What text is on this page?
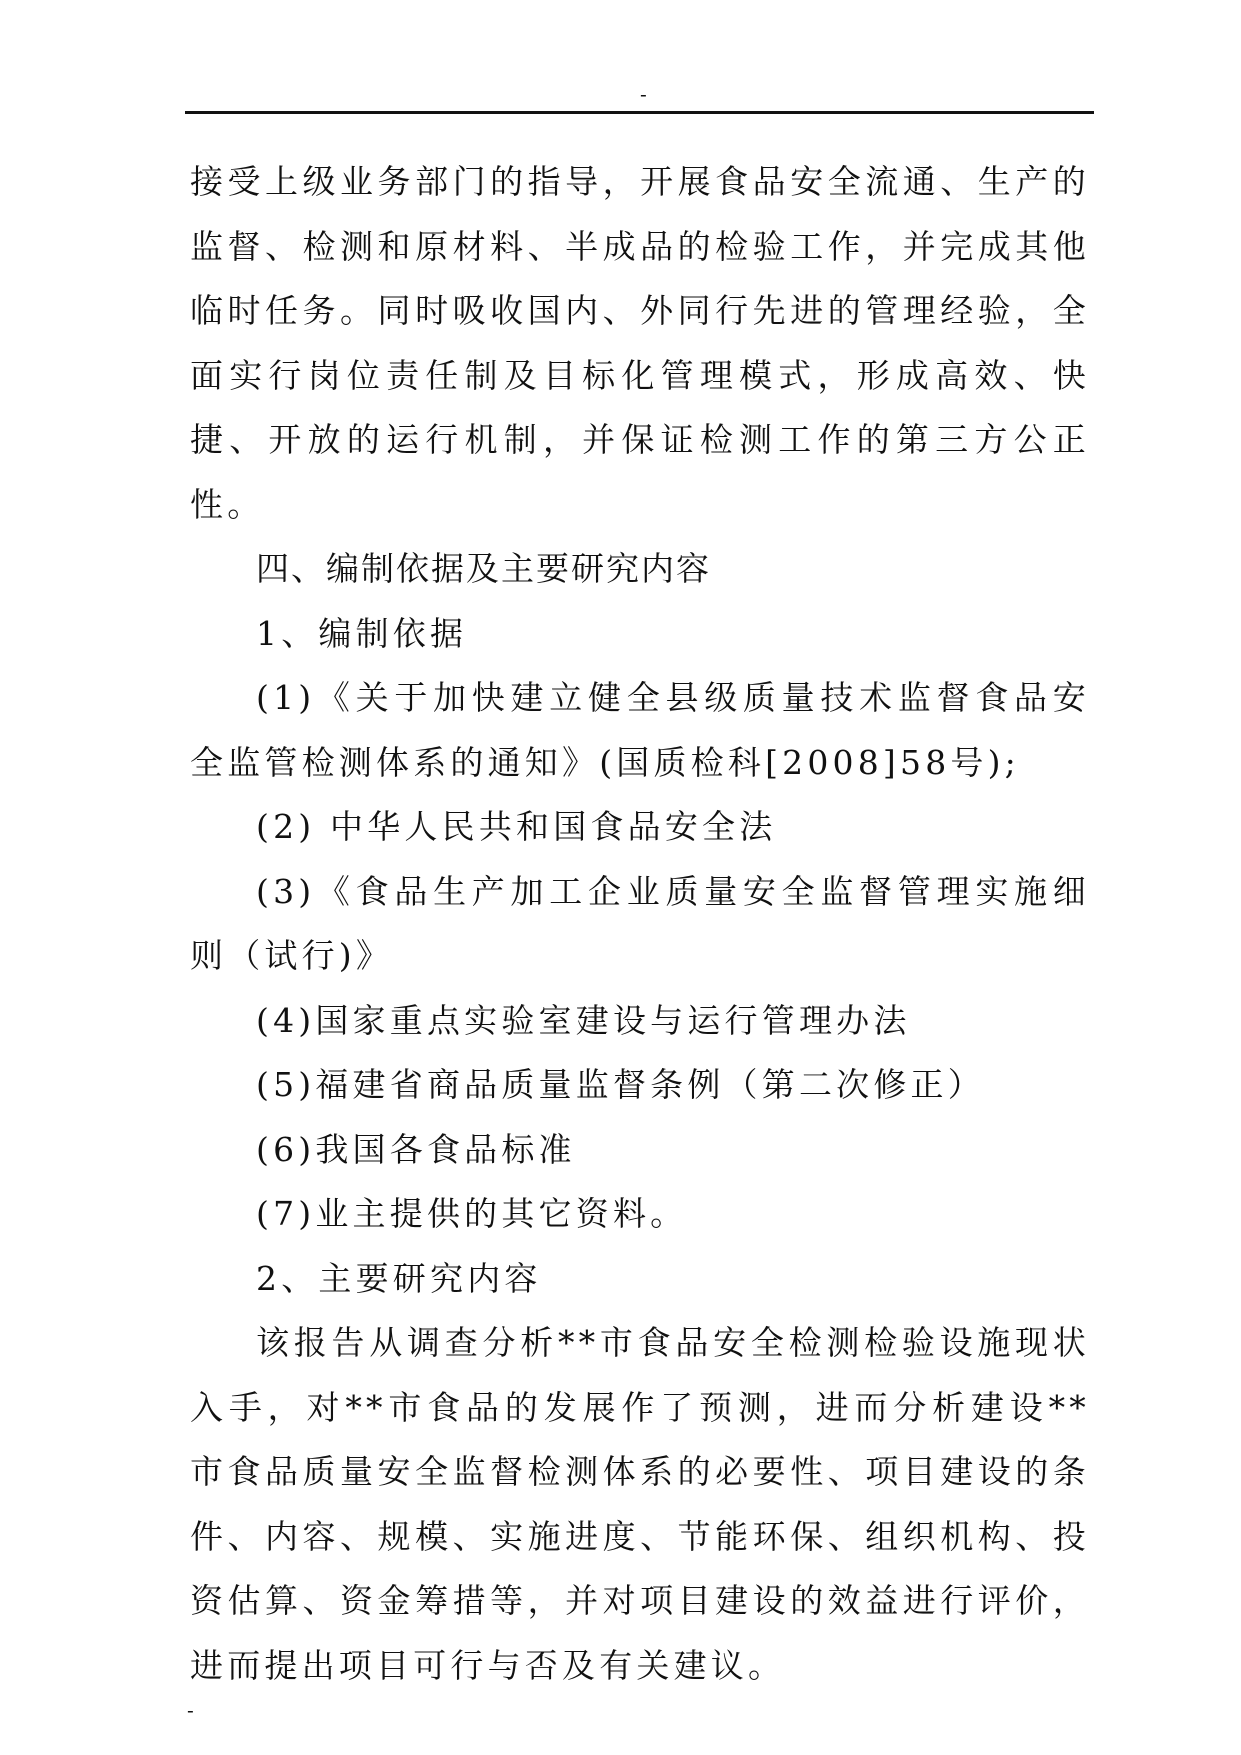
-

接受上级业务部门的指导，开展食品安全流通、生产的监督、检测和原材料、半成品的检验工作，并完成其他临时任务。同时吸收国内、外同行先进的管理经验，全面实行岗位责任制及目标化管理模式，形成高效、快捷、开放的运行机制，并保证检测工作的第三方公正性。

四、编制依据及主要研究内容

1、编制依据

(1)《关于加快建立健全县级质量技术监督食品安全监管检测体系的通知》(国质检科[2008]58号);

(2) 中华人民共和国食品安全法

(3)《食品生产加工企业质量安全监督管理实施细则（试行)》

(4)国家重点实验室建设与运行管理办法

(5)福建省商品质量监督条例（第二次修正）

(6)我国各食品标准

(7)业主提供的其它资料。

2、主要研究内容

该报告从调查分析**市食品安全检测检验设施现状入手，对**市食品的发展作了预测，进而分析建设**市食品质量安全监督检测体系的必要性、项目建设的条件、内容、规模、实施进度、节能环保、组织机构、投资估算、资金筹措等，并对项目建设的效益进行评价，进而提出项目可行与否及有关建议。

-
